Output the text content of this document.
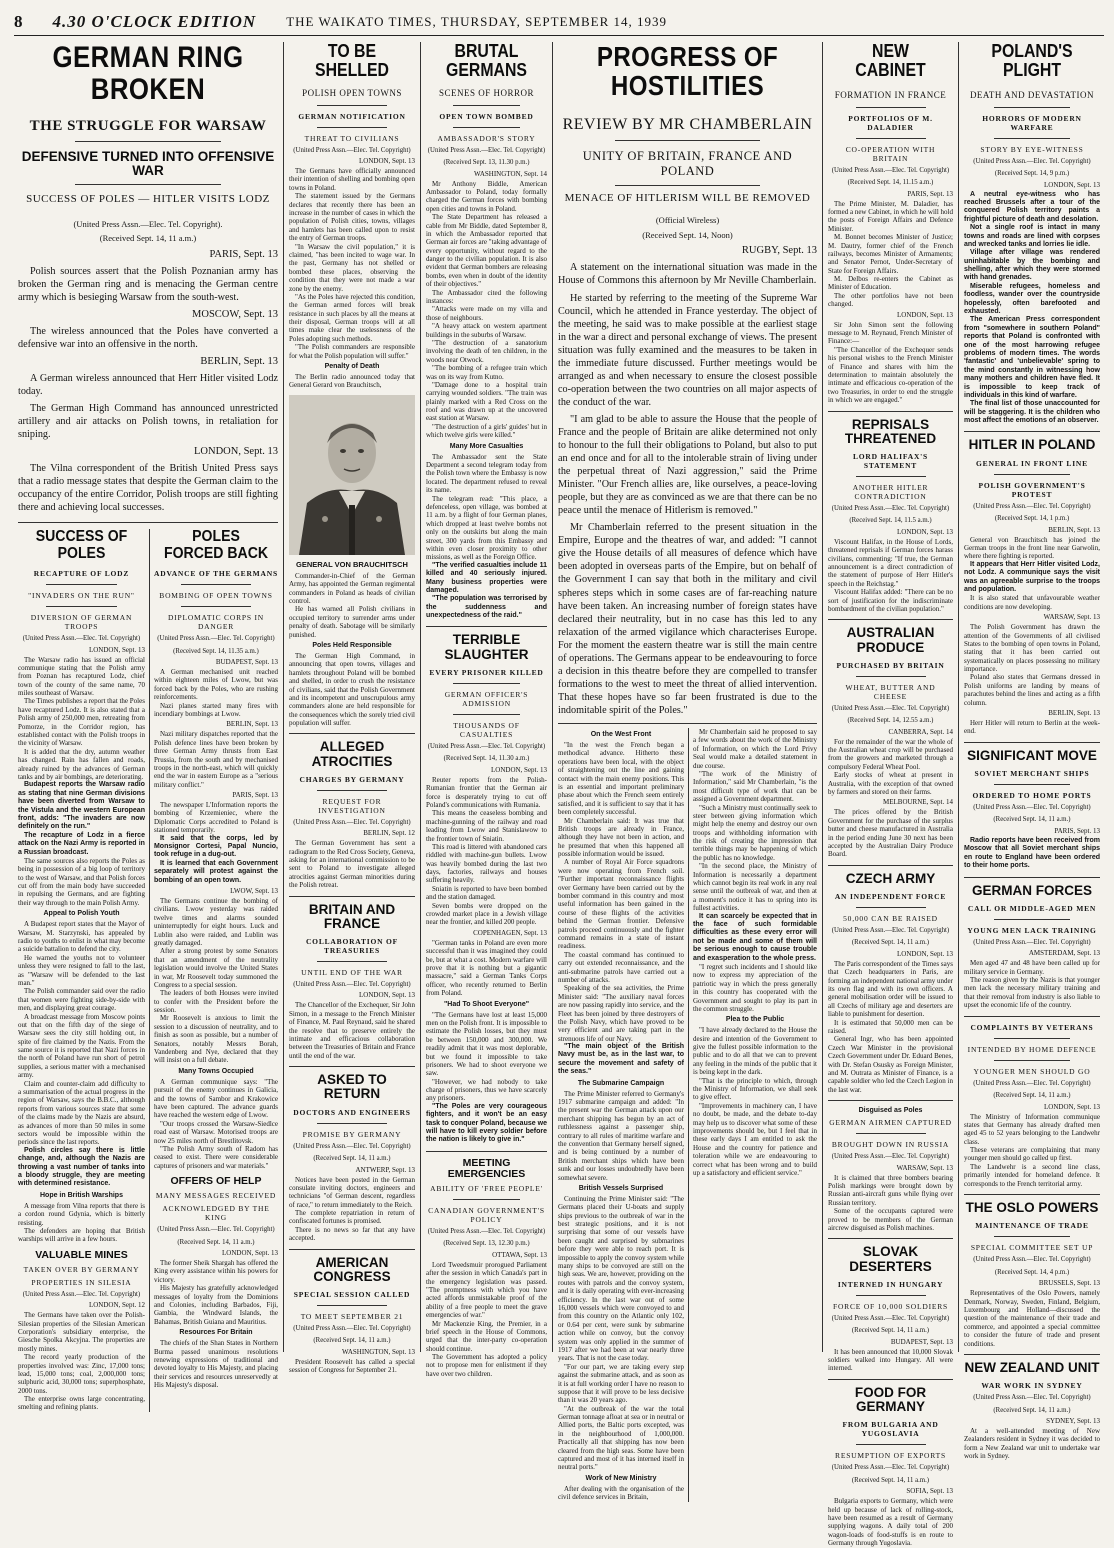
8 4.30 O'CLOCK EDITION THE WAIKATO TIMES, THURSDAY, SEPTEMBER 14, 1939
GERMAN RING BROKEN
THE STRUGGLE FOR WARSAW
DEFENSIVE TURNED INTO OFFENSIVE WAR
SUCCESS OF POLES — HITLER VISITS LODZ
(United Press Assn.—Elec. Tel. Copyright).
(Received Sept. 14, 11 a.m.)
PARIS, Sept. 13

Polish sources assert that the Polish Poznanian army has broken the German ring and is menacing the German centre army which is besieging Warsaw from the south-west.

MOSCOW, Sept. 13

The wireless announced that the Poles have converted a defensive war into an offensive in the north.

BERLIN, Sept. 13

A German wireless announced that Herr Hitler visited Lodz today.

The German High Command has announced unrestricted artillery and air attacks on Polish towns, in retaliation for sniping.

LONDON, Sept. 13

The Vilna correspondent of the British United Press says that a radio message states that despite the German claim to the occupancy of the entire Corridor, Polish troops are still fighting there and achieving local successes.

SUCCESS OF POLES
RECAPTURE OF LODZ
"INVADERS ON THE RUN"
DIVERSION OF GERMAN TROOPS
(United Press Assn.—Elec. Tel. Copyright)
LONDON, Sept. 13

The Warsaw radio has issued an official communique stating that the Polish army from Poznan has recaptured Lodz, chief town of the county of the same name, 70 miles southeast of Warsaw.

The Times publishes a report that the Poles have recaptured Lodz. It is also stated that a Polish army of 250,000 men, retreating from Pomorze, in the Corridor region, has established contact with the Polish troops in the vicinity of Warsaw.

It is added that the dry, autumn weather has changed. Rain has fallen and roads, already ruined by the advances of German tanks and by air bombings, are deteriorating.

Budapest reports the Warsaw radio as stating that nine German divisions have been diverted from Warsaw to the Vistula and the western European front, adds: "The invaders are now definitely on the run."

The recapture of Lodz in a fierce attack on the Nazi Army is reported in a Russian broadcast.

The same sources also reports the Poles as being in possession of a big loop of territory to the west of Warsaw, and that Polish forces cut off from the main body have succeeded in repulsing the Germans, and are fighting their way through to the main Polish Army.

Appeal to Polish Youth

A Budapest report states that the Mayor of Warsaw, M. Starzynski, has appealed by radio to youths to enlist in what may become a suicide battalion to defend the city.

He warned the youths not to volunteer unless they were resigned to fall to the last, as "Warsaw will be defended to the last man."

The Polish commander said over the radio that women were fighting side-by-side with men, and displaying great courage.

A broadcast message from Moscow points out that on the fifth day of the siege of Warsaw sees the city still holding out, in spite of fire claimed by the Nazis. From the same source it is reported that Nazi forces in the north of Poland have run short of petrol supplies, a serious matter with a mechanised army.

Claim and counter-claim add difficulty to a summarisation of the actual progress in the region of Warsaw, says the B.B.C., although reports from various sources state that some of the claims made by the Nazis are absurd, as advances of more than 50 miles in some sectors would be impossible within the periods since the last reports.

Polish circles say there is little change, and, although the Nazis are throwing a vast number of tanks into a bloody struggle, they are meeting with determined resistance.

Hope in British Warships

A message from Vilna reports that there is a cordon round Gdynia, which is bitterly resisting.

The defenders are hoping that British warships will arrive in a few hours.

VALUABLE MINES
TAKEN OVER BY GERMANY
PROPERTIES IN SILESIA
(United Press Assn.—Elec. Tel. Copyright)
LONDON, Sept. 12

The Germans have taken over the Polish-Silesian properties of the Silesian American Corporation's subsidiary enterprise, the Giesche Spolka Akcyjna. The properties are mostly mines.

The record yearly production of the properties involved was: Zinc, 17,000 tons; lead, 15,000 tons; coal, 2,000,000 tons; sulphuric acid, 30,000 tons; superphosphate, 2000 tons.

The enterprise owns large concentrating, smelting and refining plants.

POLES FORCED BACK
ADVANCE OF THE GERMANS
BOMBING OF OPEN TOWNS
DIPLOMATIC CORPS IN DANGER
(United Press Assn.—Elec. Tel. Copyright)
(Received Sept. 14, 11.35 a.m.)
BUDAPEST, Sept. 13

A German mechanised unit reached within eighteen miles of Lwow, but was forced back by the Poles, who are rushing reinforcements.

Nazi planes started many fires with incendiary bombings at Lwow.

BERLIN, Sept. 13

Nazi military dispatches reported that the Polish defence lines have been broken by three German Army thrusts from East Prussia, from the south and by mechanised troops in the north-east, which will quickly end the war in eastern Europe as a "serious military conflict."

PARIS, Sept. 13

The newspaper L'Information reports the bombing of Krzemieniec, where the Diplomatic Corps accredited to Poland is stationed temporarily.

It said that the corps, led by Monsignor Cortesi, Papal Nuncio, took refuge in a dug-out.

It is learned that each Government separately will protest against the bombing of an open town.

LWOW, Sept. 13

The Germans continue the bombing of civilians. Lwow yesterday was raided twelve times and alarms sounded uninterruptedly for eight hours. Luck and Lublin also were raided, and Lublin was greatly damaged.

After a strong protest by some Senators that an amendment of the neutrality legislation would involve the United States in war, Mr Roosevelt today summoned the Congress to a special session.

The leaders of both Houses were invited to confer with the President before the session.

Mr Roosevelt is anxious to limit the session to a discussion of neutrality, and to finish as soon as possible, but a number of Senators, notably Messrs Borah, Vandenberg and Nye, declared that they will insist on a full debate.

Many Towns Occupied

A German communique says: "The pursuit of the enemy continues in Galicia, and the towns of Sambor and Krakowice have been captured. The advance guards have reached the western edge of Lwow.

"Our troops crossed the Warsaw-Siedlce road east of Warsaw. Motorised troops are now 25 miles north of Brestlitovsk.

"The Polish Army south of Radom has ceased to exist. There were considerable captures of prisoners and war materials."

OFFERS OF HELP
MANY MESSAGES RECEIVED
ACKNOWLEDGED BY THE KING
(United Press Assn.—Elec. Tel. Copyright)
(Received Sept. 14, 11 a.m.)
LONDON, Sept. 13

The former Sheik Shargah has offered the King every assistance within his powers for victory.

His Majesty has gratefully acknowledged messages of loyalty from the Dominions and Colonies, including Barbados, Fiji, Gambia, the Windward Islands, the Bahamas, British Guiana and Mauritius.

Resources For Britain

The chiefs of the Shan States in Northern Burma passed unanimous resolutions renewing expressions of traditional and devoted loyalty to His Majesty, and placing their services and resources unreservedly at His Majesty's disposal.

TO BE SHELLED
POLISH OPEN TOWNS
GERMAN NOTIFICATION
THREAT TO CIVILIANS
(United Press Assn.—Elec. Tel. Copyright)
LONDON, Sept. 13

The Germans have officially announced their intention of shelling and bombing open towns in Poland.

The statement issued by the Germans declares that recently there has been an increase in the number of cases in which the population of Polish cities, towns, villages and hamlets has been called upon to resist the entry of German troops.

"In Warsaw the civil population," it is claimed, "has been incited to wage war. In the past, Germany has not shelled or bombed these places, observing the condition that they were not made a war zone by the enemy.

"As the Poles have rejected this condition, the German armed forces will break resistance in such places by all the means at their disposal, German troops will at all times make clear the uselessness of the Poles adopting such methods.

"The Polish commanders are responsible for what the Polish population will suffer."

Penalty of Death

The Berlin radio announced today that General Gerard von Brauchitsch,

GENERAL VON BRAUCHITSCH

Commander-in-Chief of the German Army, has appointed the German regimental commanders in Poland as heads of civilian control.

He has warned all Polish civilians in occupied territory to surrender arms under penalty of death. Sabotage will be similarly punished.

Poles Held Responsible

The German High Command, in announcing that open towns, villages and hamlets throughout Poland will be bombed and shelled, in order to crush the resistance of civilians, said that the Polish Government and its incompetent and unscrupulous army commanders alone are held responsible for the consequences which the sorely tried civil population will suffer.

ALLEGED ATROCITIES
CHARGES BY GERMANY
REQUEST FOR INVESTIGATION
(United Press Assn.—Elec. Tel. Copyright)
BERLIN, Sept. 12

The German Government has sent a radiogram to the Red Cross Society, Geneva, asking for an international commission to be sent to Poland to investigate alleged atrocities against German minorities during the Polish retreat.

BRITAIN AND FRANCE
COLLABORATION OF TREASURIES
UNTIL END OF THE WAR
(United Press Assn.—Elec. Tel. Copyright)
LONDON, Sept. 13

The Chancellor of the Exchequer, Sir John Simon, in a message to the French Minister of Finance, M. Paul Reynaud, said he shared the resolve that to preserve entirely the intimate and efficacious collaboration between the Treasuries of Britain and France until the end of the war.

ASKED TO RETURN
DOCTORS AND ENGINEERS
PROMISE BY GERMANY
(United Press Assn.—Elec. Tel. Copyright)
(Received Sept. 14, 11 a.m.)
ANTWERP, Sept. 13

Notices have been posted in the German consulate inviting doctors, engineers and technicians "of German descent, regardless of race," to return immediately to the Reich.

The complete repatriation in return of confiscated fortunes is promised.

There is no news so far that any have accepted.

AMERICAN CONGRESS
SPECIAL SESSION CALLED
TO MEET SEPTEMBER 21
(United Press Assn.—Elec. Tel. Copyright)
(Received Sept. 14, 11 a.m.)
WASHINGTON, Sept. 13

President Roosevelt has called a special session of Congress for September 21.

BRUTAL GERMANS
SCENES OF HORROR
OPEN TOWN BOMBED
AMBASSADOR'S STORY
(United Press Assn.—Elec. Tel. Copyright)
(Received Sept. 13, 11.30 p.m.)
WASHINGTON, Sept. 14

Mr Anthony Biddle, American Ambassador to Poland, today formally charged the German forces with bombing open cities and towns in Poland.

The State Department has released a cable from Mr Biddle, dated September 8, in which the Ambassador reported that German air forces are "taking advantage of every opportunity, without regard to the danger to the civilian population. It is also evident that German bombers are releasing bombs, even when in doubt of the identity of their objectives."

The Ambassador cited the following instances:

"Attacks were made on my villa and those of neighbours.

"A heavy attack on western apartment buildings in the suburbs of Warsaw.

"The destruction of a sanatorium involving the death of ten children, in the woods near Otwock.

"The bombing of a refugee train which was on its way from Kutno.

"Damage done to a hospital train carrying wounded soldiers. "The train was plainly marked with a Red Cross on the roof and was drawn up at the uncovered east station at Warsaw.

"The destruction of a girls' guides' hut in which twelve girls were killed."

Many More Casualties

The Ambassador sent the State Department a second telegram today from the Polish town where the Embassy is now located. The department refused to reveal its name.

The telegram read: "This place, a defenceless, open village, was bombed at 11 a.m. by a flight of four German planes, which dropped at least twelve bombs not only on the outskirts but along the main street, 300 yards from this Embassy and within even closer proximity to other missions, as well as the Foreign Office.

"The verified casualties include 11 killed and 40 seriously injured. Many business properties were damaged.

"The population was terrorised by the suddenness and unexpectedness of the raid."

TERRIBLE SLAUGHTER
EVERY PRISONER KILLED
GERMAN OFFICER'S ADMISSION
THOUSANDS OF CASUALTIES
(United Press Assn.—Elec. Tel. Copyright)
(Received Sept. 14, 11.30 a.m.)
LONDON, Sept. 13

Reuter reports from the Polish-Rumanian frontier that the German air force is desperately trying to cut off Poland's communications with Rumania.

This means the ceaseless bombing and machine-gunning of the railway and road leading from Lwow and Stanislawow to the frontier town of Sniatin.

This road is littered with abandoned cars riddled with machine-gun bullets. Lwow was heavily bombed during the last two days, factories, railways and houses suffering heavily.

Sniatin is reported to have been bombed and the station damaged.

Seven bombs were dropped on the crowded market place in a Jewish village near the frontier, and killed 200 people.

COPENHAGEN, Sept. 13

"German tanks in Poland are even more successful than it was imagined they could be, but at what a cost. Modern warfare will prove that it is nothing but a gigantic massacre," said a German Tanks Corps officer, who recently returned to Berlin from Poland.

"Had To Shoot Everyone"

"The Germans have lost at least 15,000 men on the Polish front. It is impossible to estimate the Polish losses, but they must be between 150,000 and 300,000. We readily admit that it was most deplorable, but we found it impossible to take prisoners. We had to shoot everyone we saw.

"However, we had nobody to take charge of prisoners, thus we have scarcely any prisoners.

"The Poles are very courageous fighters, and it won't be an easy task to conquer Poland, because we will have to kill every soldier before the nation is likely to give in."

MEETING EMERGENCIES
ABILITY OF 'FREE PEOPLE'
CANADIAN GOVERNMENT'S POLICY
(United Press Assn.—Elec. Tel. Copyright)
(Received Sept. 13, 12.30 p.m.)
OTTAWA, Sept. 13

Lord Tweedsmuir prorogued Parliament after the session in which Canada's part in the emergency legislation was passed. "The promptness with which you have acted affords unmistakable proof of the ability of a free people to meet the grave emergencies of war."

Mr Mackenzie King, the Premier, in a brief speech in the House of Commons, urged that the inter-party co-operation should continue.

The Government has adopted a policy not to propose men for enlistment if they have over two children.

PROGRESS OF HOSTILITIES
REVIEW BY MR CHAMBERLAIN
UNITY OF BRITAIN, FRANCE AND POLAND
MENACE OF HITLERISM WILL BE REMOVED
(Official Wireless)
(Received Sept. 14, Noon)
RUGBY, Sept. 13

A statement on the international situation was made in the House of Commons this afternoon by Mr Neville Chamberlain.

He started by referring to the meeting of the Supreme War Council, which he attended in France yesterday. The object of the meeting, he said was to make possible at the earliest stage in the war a direct and personal exchange of views. The present situation was fully examined and the measures to be taken in the immediate future discussed. Further meetings would be arranged as and when necessary to ensure the closest possible co-operation between the two countries on all major aspects of the conduct of the war.

"I am glad to be able to assure the House that the people of France and the people of Britain are alike determined not only to honour to the full their obligations to Poland, but also to put an end once and for all to the intolerable strain of living under the perpetual threat of Nazi aggression," said the Prime Minister. "Our French allies are, like ourselves, a peace-loving people, but they are as convinced as we are that there can be no peace until the menace of Hitlerism is removed."

Mr Chamberlain referred to the present situation in the Empire, Europe and the theatres of war, and added: "I cannot give the House details of all measures of defence which have been adopted in overseas parts of the Empire, but on behalf of the Government I can say that both in the military and civil spheres steps which in some cases are of far-reaching nature have been taken. An increasing number of foreign states have declared their neutrality, but in no case has this led to any relaxation of the armed vigilance which characterises Europe. For the moment the eastern theatre war is still the main centre of operations. The Germans appear to be endeavouring to force a decision in this theatre before they are compelled to transfer formations to the west to meet the threat of allied intervention. That these hopes have so far been frustrated is due to the indomitable spirit of the Poles."

On the West Front

"In the west the French began a methodical advance. Hitherto these operations have been local, with the object of straightening out the line and gaining contact with the main enemy positions. This is an essential and important preliminary phase about which the French seem entirely satisfied, and it is sufficient to say that it has been completely successful.

Mr Chamberlain said: It was true that British troops are already in France, although they have not been in action, and he presumed that when this happened all possible information would be issued.

A number of Royal Air Force squadrons were now operating from French soil. "Further important reconnaissance flights over Germany have been carried out by the bomber command in this country and most useful information has been gained in the course of these flights of the activities behind the German frontier. Defensive patrols proceed continuously and the fighter command remains in a state of instant readiness.

The coastal command has continued to carry out extended reconnaissance, and the anti-submarine patrols have carried out a number of attacks.

Speaking of the sea activities, the Prime Minister said: "The auxiliary naval forces are now passing rapidly into service, and the Fleet has been joined by three destroyers of the Polish Navy, which have proved to be very efficient and are taking part in the strenuous life of our Navy.

"The main object of the British Navy must be, as in the last war, to secure the movement and safety of the seas."

The Submarine Campaign

The Prime Minister referred to Germany's 1917 submarine campaign and added: "In the present war the German attack upon our merchant shipping has begun by an act of ruthlessness against a passenger ship, contrary to all rules of maritime warfare and the convention that Germany herself signed, and is being continued by a number of British merchant ships which have been sunk and our losses undoubtedly have been somewhat severe.

British Vessels Surprised

Continuing the Prime Minister said: "The Germans placed their U-boats and supply ships previous to the outbreak of war in the best strategic positions, and it is not surprising that some of our vessels have been caught and surprised by submarines before they were able to reach port. It is impossible to apply the convoy system while many ships to be convoyed are still on the high seas. We are, however, providing on the routes with patrols and the convoy system, and it is daily operating with ever-increasing efficiency. In the last war out of some 16,000 vessels which were convoyed to and from this country on the Atlantic only 102, or 0.64 per cent, were sunk by submarine action while on convoy, but the convoy system was only applied in the summer of 1917 after we had been at war nearly three years. That is not the case today.

"For our part, we are taking every step against the submarine attack, and as soon as it is at full working order I have no reason to suppose that it will prove to be less decisive than it was 20 years ago.

"At the outbreak of the war the total German tonnage afloat at sea or in neutral or Allied ports, the Baltic ports excepted, was in the neighbourhood of 1,000,000. Practically all that shipping has now been cleared from the high seas. Some have been captured and most of it has interned itself in neutral ports."

Work of New Ministry

After dealing with the organisation of the civil defence services in Britain,

Mr Chamberlain said he proposed to say a few words about the work of the Ministry of Information, on which the Lord Privy Seal would make a detailed statement in due course.

"The work of the Ministry of Information," said Mr Chamberlain, "is the most difficult type of work that can be assigned a Government department.

"Such a Ministry must continually seek to steer between giving information which might help the enemy and destroy our own troops and withholding information with the risk of creating the impression that terrible things may be happening of which the public has no knowledge.

"In the second place, the Ministry of Information is necessarily a department which cannot begin its real work in any real sense until the outbreak of war, and then at a moment's notice it has to spring into its fullest activities.

It can scarcely be expected that in the face of such formidable difficulties as these every error will not be made and some of them will be serious enough to cause trouble and exasperation to the whole press.

"I regret such incidents and I should like now to express my appreciation of the patriotic way in which the press generally in this country has cooperated with the Government and sought to play its part in the common struggle.

Plea to the Public

"I have already declared to the House the desire and intention of the Government to give the fullest possible information to the public and to do all that we can to prevent any feeling in the minds of the public that it is being kept in the dark.

"That is the principle to which, through the Ministry of Information, we shall seek to give effect.

"Improvements in machinery can, I have no doubt, be made, and the debate to-day may help us to discover what some of these improvements should be, but I feel that in these early days I am entitled to ask the House and the country for patience and toleration while we are endeavouring to correct what has been wrong and to build up a satisfactory and efficient service."

NEW CABINET
FORMATION IN FRANCE
PORTFOLIOS OF M. DALADIER
CO-OPERATION WITH BRITAIN
(United Press Assn.—Elec. Tel. Copyright)
(Received Sept. 14, 11.15 a.m.)
PARIS, Sept. 13

The Prime Minister, M. Daladier, has formed a new Cabinet, in which he will hold the posts of Foreign Affairs and Defence Minister.

M. Bonnet becomes Minister of Justice; M. Dautry, former chief of the French railways, becomes Minister of Armaments; and Senator Pernot, Under-Secretary of State for Foreign Affairs.

M. Delbos re-enters the Cabinet as Minister of Education.

The other portfolios have not been changed.

LONDON, Sept. 13

Sir John Simon sent the following message to M. Reynaud, French Minister of Finance:—

"The Chancellor of the Exchequer sends his personal wishes to the French Minister of Finance and shares with him the determination to maintain absolutely the intimate and efficacious co-operation of the two Treasuries, in order to end the struggle in which we are engaged."

REPRISALS THREATENED
LORD HALIFAX'S STATEMENT
ANOTHER HITLER CONTRADICTION
(United Press Assn.—Elec. Tel. Copyright)
(Received Sept. 14, 11.5 a.m.)
LONDON, Sept. 13

Viscount Halifax, in the House of Lords, threatened reprisals if German forces harass civilians, commenting: "If true, the German announcement is a direct contradiction of the statement of purpose of Herr Hitler's speech in the Reichstag."

Viscount Halifax added: "There can be no sort of justification for the indiscriminate bombardment of the civilian population."

AUSTRALIAN PRODUCE
PURCHASED BY BRITAIN
WHEAT, BUTTER AND CHEESE
(United Press Assn.—Elec. Tel. Copyright)
(Received Sept. 14, 12.55 a.m.)
CANBERRA, Sept. 14

For the remainder of the war the whole of the Australian wheat crop will be purchased from the growers and marketed through a compulsory Federal Wheat Pool.

Early stocks of wheat at present in Australia, with the exception of that owned by farmers and stored on their farms.

MELBOURNE, Sept. 14

The prices offered by the British Government for the purchase of the surplus butter and cheese manufactured in Australia in the period ending June 30 next has been accepted by the Australian Dairy Produce Board.

CZECH ARMY
AN INDEPENDENT FORCE
50,000 CAN BE RAISED
(United Press Assn.—Elec. Tel. Copyright)
(Received Sept. 14, 11 a.m.)
LONDON, Sept. 13

The Paris correspondent of the Times says that Czech headquarters in Paris, are forming an independent national army under its own flag and with its own officers. A general mobilisation order will be issued to all Czechs of military age and deserters are liable to punishment for desertion.

It is estimated that 50,000 men can be raised.

General Ingr, who has been appointed Czech War Minister in the provisional Czech Government under Dr. Eduard Benes, with Dr. Stefan Osusky as Foreign Minister, and M. Outrata as Minister of Finance, is a capable soldier who led the Czech Legion in the last war.

Disguised as Poles
GERMAN AIRMEN CAPTURED
BROUGHT DOWN IN RUSSIA
(United Press Assn.—Elec. Tel. Copyright)
WARSAW, Sept. 13

It is claimed that three bombers bearing Polish markings were brought down by Russian anti-aircraft guns while flying over Russian territory.

Some of the occupants captured were proved to be members of the German aircrew disguised as Polish machines.

SLOVAK DESERTERS
INTERNED IN HUNGARY
FORCE OF 10,000 SOLDIERS
(United Press Assn.—Elec. Tel. Copyright)
(Received Sept. 14, 11 a.m.)
BUDAPEST, Sept. 13

It has been announced that 10,000 Slovak soldiers walked into Hungary. All were interned.

FOOD FOR GERMANY
FROM BULGARIA AND YUGOSLAVIA
RESUMPTION OF EXPORTS
(United Press Assn.—Elec. Tel. Copyright)
(Received Sept. 14, 11 a.m.)
SOFIA, Sept. 13

Bulgaria exports to Germany, which were held up because of lack of rolling-stock, have been resumed as a result of Germany supplying wagons. A daily total of 200 wagon-loads of food-stuffs is en route to Germany through Yugoslavia.

POLAND'S PLIGHT
DEATH AND DEVASTATION
HORRORS OF MODERN WARFARE
STORY BY EYE-WITNESS
(United Press Assn.—Elec. Tel. Copyright)
(Received Sept. 14, 9 p.m.)
LONDON, Sept. 13

A neutral eye-witness who has reached Brussels after a tour of the conquered Polish territory paints a frightful picture of death and desolation.

Not a single roof is intact in many towns and roads are lined with corpses and wrecked tanks and lorries lie idle.

Village after village was rendered uninhabitable by the bombing and shelling, after which they were stormed with hand grenades.

Miserable refugees, homeless and foodless, wander over the countryside hopelessly, often barefooted and exhausted.

The American Press correspondent from "somewhere in southern Poland" reports that Poland is confronted with one of the most harrowing refugee problems of modern times. The words 'fantastic' and 'unbelievable' spring to the mind constantly in witnessing how many mothers and children have fled. It is impossible to keep track of individuals in this kind of warfare.

The final list of those unaccounted for will be staggering. It is the children who most affect the emotions of an observer.

HITLER IN POLAND
GENERAL IN FRONT LINE
POLISH GOVERNMENT'S PROTEST
(United Press Assn.—Elec. Tel. Copyright)
(Received Sept. 14, 1 p.m.)
BERLIN, Sept. 13

General von Brauchitsch has joined the German troops in the front line near Garwolin, where there fighting is reported.

It appears that Herr Hitler visited Lodz, not Lodz. A communique says the visit was an agreeable surprise to the troops and population.

It is also stated that unfavourable weather conditions are now developing.

WARSAW, Sept. 13

The Polish Government has drawn the attention of the Governments of all civilised States to the bombing of open towns in Poland, stating that it has been carried out systematically on places possessing no military importance.

Poland also states that Germans dressed in Polish uniforms are landing by means of parachutes behind the lines and acting as a fifth column.

BERLIN, Sept. 13

Herr Hitler will return to Berlin at the week-end.

SIGNIFICANT MOVE
SOVIET MERCHANT SHIPS
ORDERED TO HOME PORTS
(United Press Assn.—Elec. Tel. Copyright)
(Received Sept. 14, 11 a.m.)
PARIS, Sept. 13

Radio reports have been received from Moscow that all Soviet merchant ships en route to England have been ordered to their home ports.

GERMAN FORCES
CALL OR MIDDLE-AGED MEN
YOUNG MEN LACK TRAINING
(United Press Assn.—Elec. Tel. Copyright)
AMSTERDAM, Sept. 13

Men aged 47 and 48 have been called up for military service in Germany.

The reason given by the Nazis is that younger men lack the necessary military training and that their removal from industry is also liable to upset the economic life of the country.

COMPLAINTS BY VETERANS
INTENDED BY HOME DEFENCE
YOUNGER MEN SHOULD GO
(United Press Assn.—Elec. Tel. Copyright)
(Received Sept. 14, 11 a.m.)
LONDON, Sept. 13

The Ministry of Information communique states that Germany has already drafted men aged 45 to 52 years belonging to the Landwehr class.

These veterans are complaining that many younger men should go called up first.

The Landwehr is a second line class, primarily intended for homeland defence. It corresponds to the French territorial army.

THE OSLO POWERS
MAINTENANCE OF TRADE
SPECIAL COMMITTEE SET UP
(United Press Assn.—Elec. Tel. Copyright)
(Received Sept. 14, 4 p.m.)
BRUSSELS, Sept. 13

Representatives of the Oslo Powers, namely Denmark, Norway, Sweden, Finland, Belgium, Luxembourg and Holland—discussed the question of the maintenance of their trade and commerce, and appointed a special committee to consider the future of trade and present conditions.

NEW ZEALAND UNIT
WAR WORK IN SYDNEY
(United Press Assn.—Elec. Tel. Copyright)
(Received Sept. 14, 11 a.m.)
SYDNEY, Sept. 13

At a well-attended meeting of New Zealanders resident in Sydney it was decided to form a New Zealand war unit to undertake war work in Sydney.
